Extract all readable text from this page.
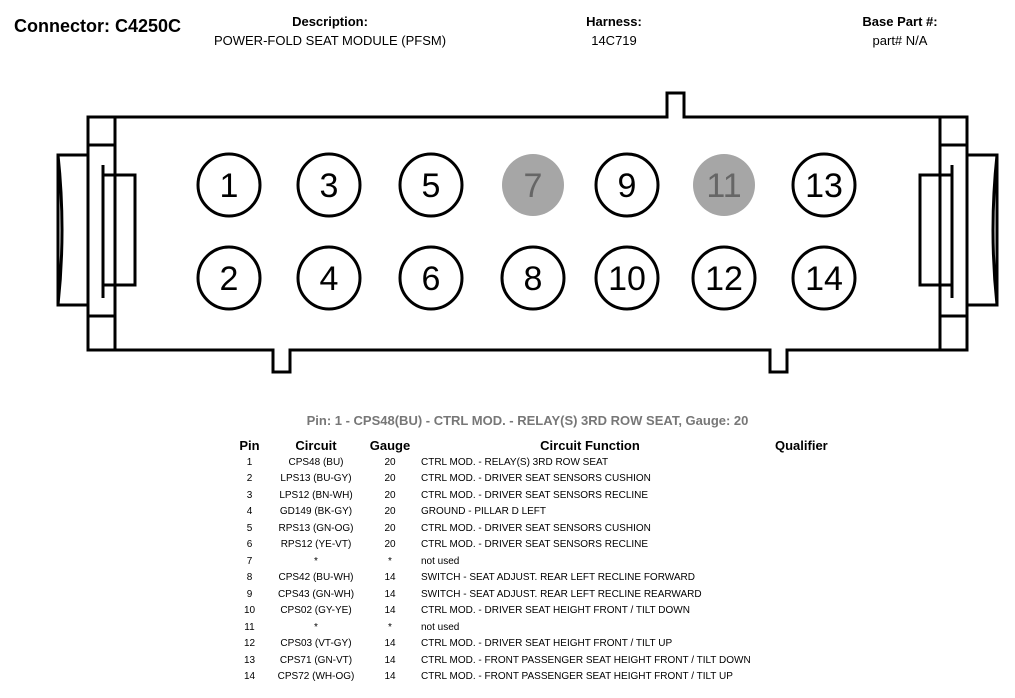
Connector: C4250C	Description:
POWER-FOLD SEAT MODULE (PFSM)
Harness:
14C719
Base Part #:
part# N/A
1
2
3
4
5
6
7
8
9
10
11
12
13
14
Pin: 1 - CPS48(BU) - CTRL MOD. - RELAY(S) 3RD ROW SEAT, Gauge: 20
Pin	Circuit	Gauge	Circuit Function	Qualifier
1	CPS48 (BU)	20	CTRL MOD. - RELAY(S) 3RD ROW SEAT	
2	LPS13 (BU-GY)	20	CTRL MOD. - DRIVER SEAT SENSORS CUSHION	
3	LPS12 (BN-WH)	20	CTRL MOD. - DRIVER SEAT SENSORS RECLINE	
4	GD149 (BK-GY)	20	GROUND - PILLAR D LEFT	
5	RPS13 (GN-OG)	20	CTRL MOD. - DRIVER SEAT SENSORS CUSHION	
6	RPS12 (YE-VT)	20	CTRL MOD. - DRIVER SEAT SENSORS RECLINE	
7	*	*	not used	
8	CPS42 (BU-WH)	14	SWITCH - SEAT ADJUST. REAR LEFT RECLINE FORWARD	
9	CPS43 (GN-WH)	14	SWITCH - SEAT ADJUST. REAR LEFT RECLINE REARWARD	
10	CPS02 (GY-YE)	14	CTRL MOD. - DRIVER SEAT HEIGHT FRONT / TILT DOWN	
11	*	*	not used	
12	CPS03 (VT-GY)	14	CTRL MOD. - DRIVER SEAT HEIGHT FRONT / TILT UP	
13	CPS71 (GN-VT)	14	CTRL MOD. - FRONT PASSENGER SEAT HEIGHT FRONT / TILT DOWN	
14	CPS72 (WH-OG)	14	CTRL MOD. - FRONT PASSENGER SEAT HEIGHT FRONT / TILT UP	
